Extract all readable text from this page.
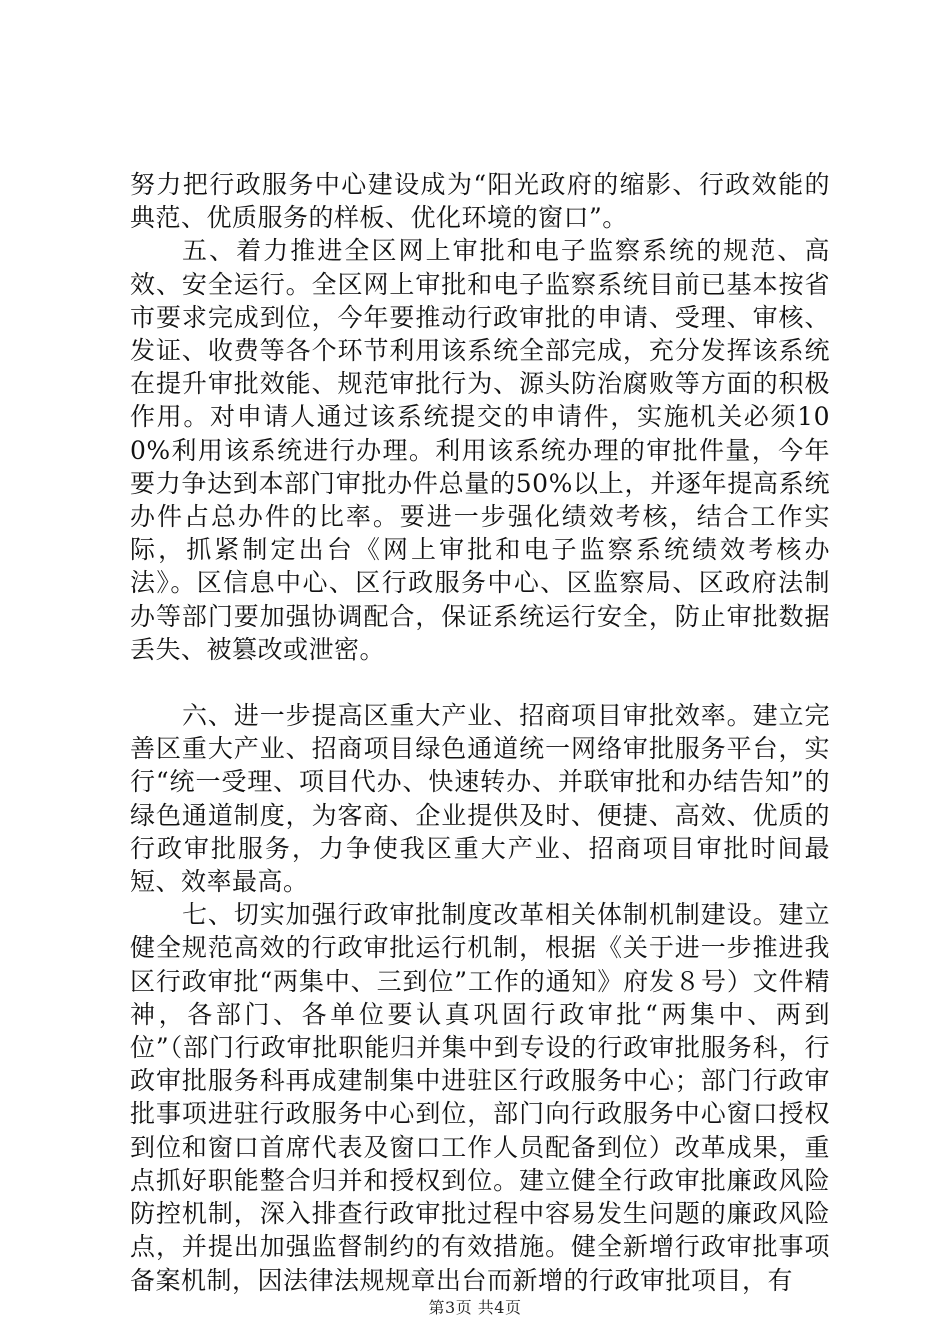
努力把行政服务中心建设成为“阳光政府的缩影、行政效能的典范、优质服务的样板、优化环境的窗口”。

五、着力推进全区网上审批和电子监察系统的规范、高效、安全运行。全区网上审批和电子监察系统目前已基本按省市要求完成到位，今年要推动行政审批的申请、受理、审核、发证、收费等各个环节利用该系统全部完成，充分发挥该系统在提升审批效能、规范审批行为、源头防治腐败等方面的积极作用。对申请人通过该系统提交的申请件，实施机关必须100%利用该系统进行办理。利用该系统办理的审批件量，今年要力争达到本部门审批办件总量的50%以上，并逐年提高系统办件占总办件的比率。要进一步强化绩效考核，结合工作实际，抓紧制定出台《网上审批和电子监察系统绩效考核办法》。区信息中心、区行政服务中心、区监察局、区政府法制办等部门要加强协调配合，保证系统运行安全，防止审批数据丢失、被篡改或泄密。

六、进一步提高区重大产业、招商项目审批效率。建立完善区重大产业、招商项目绿色通道统一网络审批服务平台，实行“统一受理、项目代办、快速转办、并联审批和办结告知”的绿色通道制度，为客商、企业提供及时、便捷、高效、优质的行政审批服务，力争使我区重大产业、招商项目审批时间最短、效率最高。

七、切实加强行政审批制度改革相关体制机制建设。建立健全规范高效的行政审批运行机制，根据《关于进一步推进我区行政审批“两集中、三到位”工作的通知》府发８号）文件精神，各部门、各单位要认真巩固行政审批“两集中、两到位”（部门行政审批职能归并集中到专设的行政审批服务科，行政审批服务科再成建制集中进驻区行政服务中心；部门行政审批事项进驻行政服务中心到位，部门向行政服务中心窗口授权到位和窗口首席代表及窗口工作人员配备到位）改革成果，重点抓好职能整合归并和授权到位。建立健全行政审批廉政风险防控机制，深入排查行政审批过程中容易发生问题的廉政风险点，并提出加强监督制约的有效措施。健全新增行政审批事项备案机制，因法律法规规章出台而新增的行政审批项目，有

第3页 共4页
